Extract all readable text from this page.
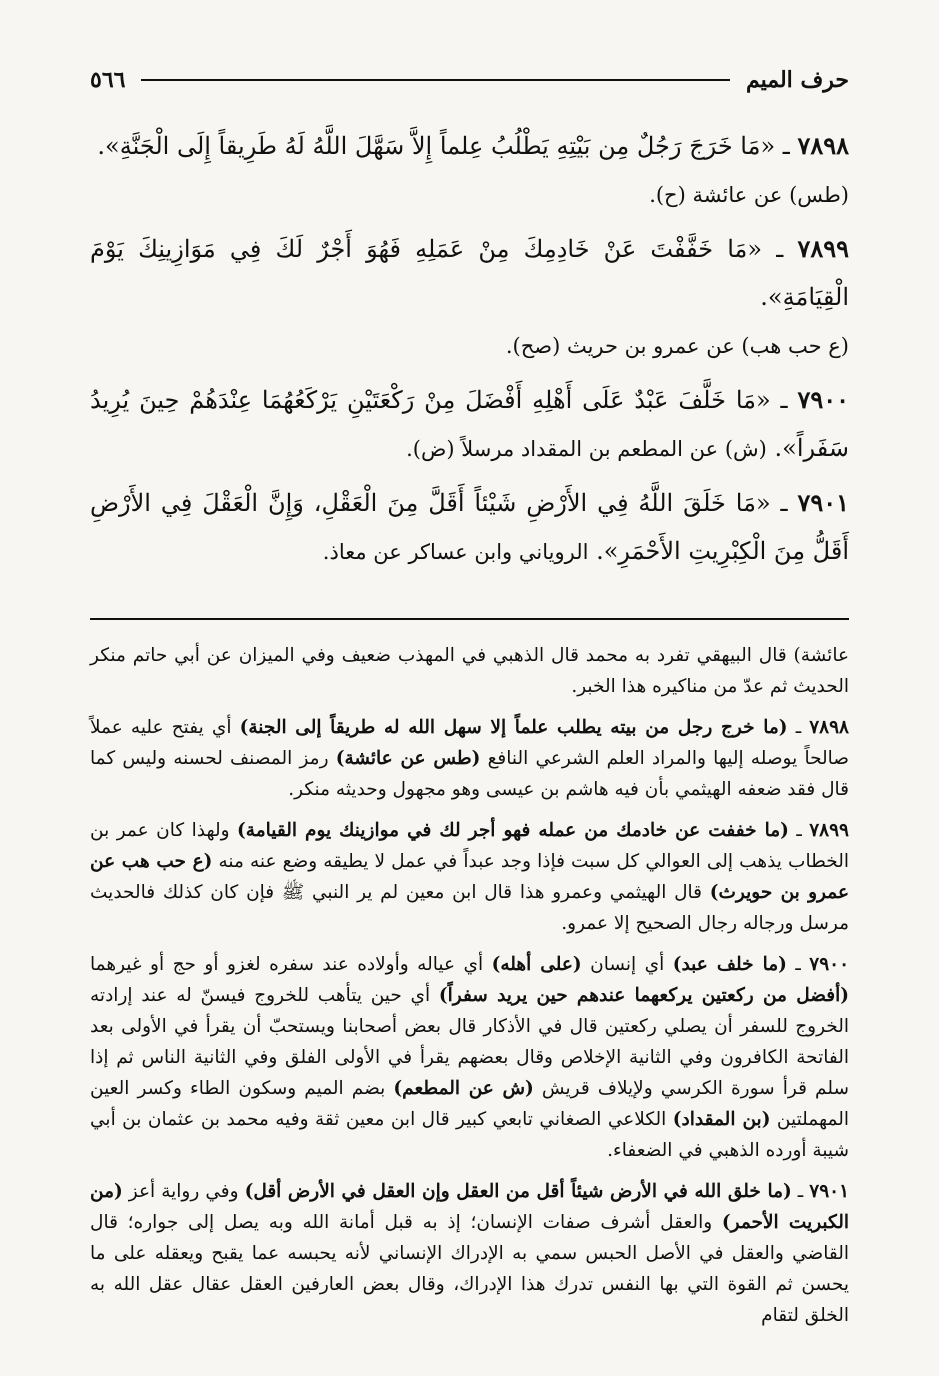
حرف الميم
٥٦٦

٧٨٩٨ ـ «مَا خَرَجَ رَجُلٌ مِن بَيْتِهِ يَطْلُبُ عِلماً إِلاَّ سَهَّلَ اللَّهُ لَهُ طَرِيقاً إِلَى الْجَنَّةِ».
(طس) عن عائشة (ح).

٧٨٩٩ ـ «مَا خَفَّفْتَ عَنْ خَادِمِكَ مِنْ عَمَلِهِ فَهُوَ أَجْرٌ لَكَ فِي مَوَازِينِكَ يَوْمَ الْقِيَامَةِ».
(ع حب هب) عن عمرو بن حريث (صح).

٧٩٠٠ ـ «مَا خَلَّفَ عَبْدٌ عَلَى أَهْلِهِ أَفْضَلَ مِنْ رَكْعَتَيْنِ يَرْكَعُهُمَا عِنْدَهُمْ حِينَ يُرِيدُ سَفَراً». (ش) عن المطعم بن المقداد مرسلاً (ض).

٧٩٠١ ـ «مَا خَلَقَ اللَّهُ فِي الأَرْضِ شَيْئاً أَقَلَّ مِنَ الْعَقْلِ، وَإِنَّ الْعَقْلَ فِي الأَرْضِ أَقَلُّ مِنَ الْكِبْرِيتِ الأَحْمَرِ». الروياني وابن عساكر عن معاذ.

عائشة) قال البيهقي تفرد به محمد قال الذهبي في المهذب ضعيف وفي الميزان عن أبي حاتم منكر الحديث ثم عدّ من مناكيره هذا الخبر.

٧٨٩٨ ـ (ما خرج رجل من بيته يطلب علماً إلا سهل الله له طريقاً إلى الجنة) أي يفتح عليه عملاً صالحاً يوصله إليها والمراد العلم الشرعي النافع (طس عن عائشة) رمز المصنف لحسنه وليس كما قال فقد ضعفه الهيثمي بأن فيه هاشم بن عيسى وهو مجهول وحديثه منكر.

٧٨٩٩ ـ (ما خففت عن خادمك من عمله فهو أجر لك في موازينك يوم القيامة) ولهذا كان عمر بن الخطاب يذهب إلى العوالي كل سبت فإذا وجد عبداً في عمل لا يطيقه وضع عنه منه (ع حب هب عن عمرو بن حويرث) قال الهيثمي وعمرو هذا قال ابن معين لم ير النبي ﷺ فإن كان كذلك فالحديث مرسل ورجاله رجال الصحيح إلا عمرو.

٧٩٠٠ ـ (ما خلف عبد) أي إنسان (على أهله) أي عياله وأولاده عند سفره لغزو أو حج أو غيرهما (أفضل من ركعتين يركعهما عندهم حين يريد سفراً) أي حين يتأهب للخروج فيسنّ له عند إرادته الخروج للسفر أن يصلي ركعتين قال في الأذكار قال بعض أصحابنا ويستحبّ أن يقرأ في الأولى بعد الفاتحة الكافرون وفي الثانية الإخلاص وقال بعضهم يقرأ في الأولى الفلق وفي الثانية الناس ثم إذا سلم قرأ سورة الكرسي ولإيلاف قريش (ش عن المطعم) بضم الميم وسكون الطاء وكسر العين المهملتين (بن المقداد) الكلاعي الصغاني تابعي كبير قال ابن معين ثقة وفيه محمد بن عثمان بن أبي شيبة أورده الذهبي في الضعفاء.

٧٩٠١ ـ (ما خلق الله في الأرض شيئاً أقل من العقل وإن العقل في الأرض أقل) وفي رواية أعز (من الكبريت الأحمر) والعقل أشرف صفات الإنسان؛ إذ به قبل أمانة الله وبه يصل إلى جواره؛ قال القاضي والعقل في الأصل الحبس سمي به الإدراك الإنساني لأنه يحبسه عما يقبح ويعقله على ما يحسن ثم القوة التي بها النفس تدرك هذا الإدراك، وقال بعض العارفين العقل عقال عقل الله به الخلق لتقام
